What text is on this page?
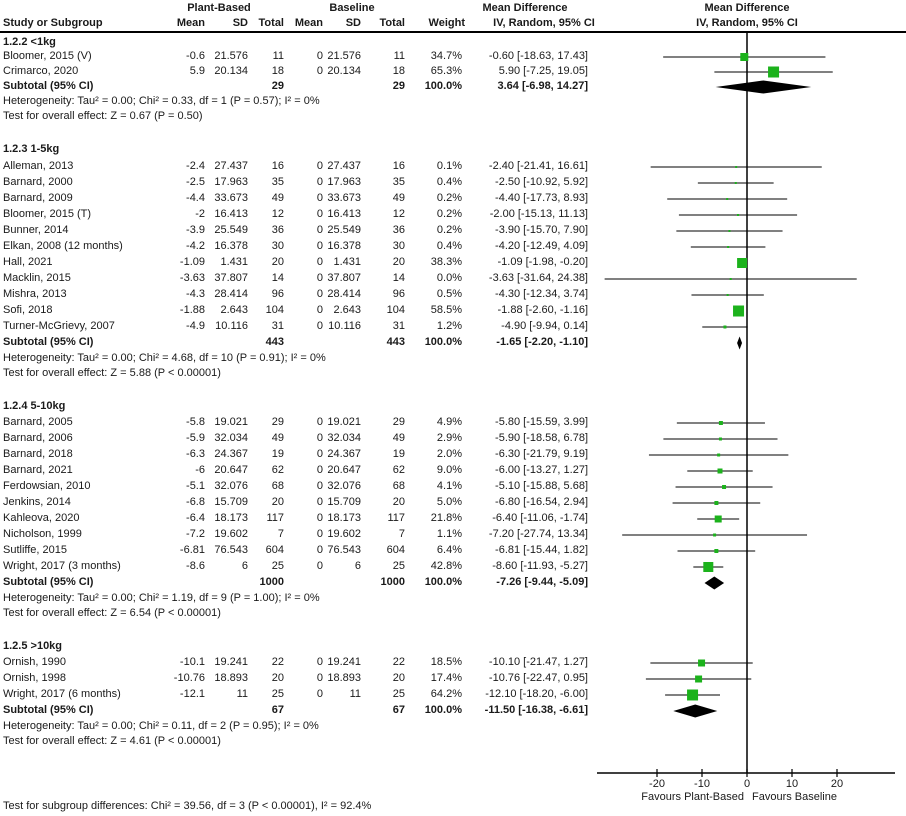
Plant-Based	Baseline	Mean Difference	Mean Difference
Study or Subgroup	Mean	SD Total Mean	SD	Total	Weight	IV, Random, 95% CI	IV, Random, 95% CI
1.2.2 <1kg
Bloomer, 2015 (V)	-0.6 21.576	11	0 21.576	11	34.7%	-0.60 [-18.63, 17.43]
Crimarco, 2020	5.9 20.134	18	0 20.134	18	65.3%	5.90 [-7.25, 19.05]
Subtotal (95% CI)	29	29	100.0%	3.64 [-6.98, 14.27]
Heterogeneity: Tau² = 0.00; Chi² = 0.33, df = 1 (P = 0.57); I² = 0%
Test for overall effect: Z = 0.67 (P = 0.50)
1.2.3 1-5kg
Alleman, 2013	-2.4 27.437	16	0 27.437	16	0.1%	-2.40 [-21.41, 16.61]
Barnard, 2000	-2.5 17.963	35	0 17.963	35	0.4%	-2.50 [-10.92, 5.92]
Barnard, 2009	-4.4 33.673	49	0 33.673	49	0.2%	-4.40 [-17.73, 8.93]
Bloomer, 2015 (T)	-2 16.413	12	0 16.413	12	0.2%	-2.00 [-15.13, 11.13]
Bunner, 2014	-3.9 25.549	36	0 25.549	36	0.2%	-3.90 [-15.70, 7.90]
Elkan, 2008 (12 months)	-4.2 16.378	30	0 16.378	30	0.4%	-4.20 [-12.49, 4.09]
Hall, 2021	-1.09	1.431	20	0 1.431	20	38.3%	-1.09 [-1.98, -0.20]
Macklin, 2015	-3.63 37.807	14	0 37.807	14	0.0%	-3.63 [-31.64, 24.38]
Mishra, 2013	-4.3 28.414	96	0 28.414	96	0.5%	-4.30 [-12.34, 3.74]
Sofi, 2018	-1.88	2.643	104	0 2.643	104	58.5%	-1.88 [-2.60, -1.16]
Turner-McGrievy, 2007	-4.9 10.116	31	0 10.116	31	1.2%	-4.90 [-9.94, 0.14]
Subtotal (95% CI)	443	443	100.0%	-1.65 [-2.20, -1.10]
Heterogeneity: Tau² = 0.00; Chi² = 4.68, df = 10 (P = 0.91); I² = 0%
Test for overall effect: Z = 5.88 (P < 0.00001)
1.2.4 5-10kg
Barnard, 2005	-5.8 19.021	29	0 19.021	29	4.9%	-5.80 [-15.59, 3.99]
Barnard, 2006	-5.9 32.034	49	0 32.034	49	2.9%	-5.90 [-18.58, 6.78]
Barnard, 2018	-6.3 24.367	19	0 24.367	19	2.0%	-6.30 [-21.79, 9.19]
Barnard, 2021	-6 20.647	62	0 20.647	62	9.0%	-6.00 [-13.27, 1.27]
Ferdowsian, 2010	-5.1 32.076	68	0 32.076	68	4.1%	-5.10 [-15.88, 5.68]
Jenkins, 2014	-6.8 15.709	20	0 15.709	20	5.0%	-6.80 [-16.54, 2.94]
Kahleova, 2020	-6.4 18.173	117	0 18.173	117	21.8%	-6.40 [-11.06, -1.74]
Nicholson, 1999	-7.2 19.602	7	0 19.602	7	1.1%	-7.20 [-27.74, 13.34]
Sutliffe, 2015	-6.81 76.543	604	0 76.543	604	6.4%	-6.81 [-15.44, 1.82]
Wright, 2017 (3 months)	-8.6	6	25	0	6	25	42.8%	-8.60 [-11.93, -5.27]
Subtotal (95% CI)	1000	1000	100.0%	-7.26 [-9.44, -5.09]
Heterogeneity: Tau² = 0.00; Chi² = 1.19, df = 9 (P = 1.00); I² = 0%
Test for overall effect: Z = 6.54 (P < 0.00001)
1.2.5 >10kg
Ornish, 1990	-10.1 19.241	22	0 19.241	22	18.5%	-10.10 [-21.47, 1.27]
Ornish, 1998	-10.76 18.893	20	0 18.893	20	17.4%	-10.76 [-22.47, 0.95]
Wright, 2017 (6 months)	-12.1	11	25	0	11	25	64.2%	-12.10 [-18.20, -6.00]
Subtotal (95% CI)	67	67	100.0%	-11.50 [-16.38, -6.61]
Heterogeneity: Tau² = 0.00; Chi² = 0.11, df = 2 (P = 0.95); I² = 0%
Test for overall effect: Z = 4.61 (P < 0.00001)
-20	-10	0	10	20
Favours Plant-Based Favours Baseline
Test for subgroup differences: Chi² = 39.56, df = 3 (P < 0.00001), I² = 92.4%
